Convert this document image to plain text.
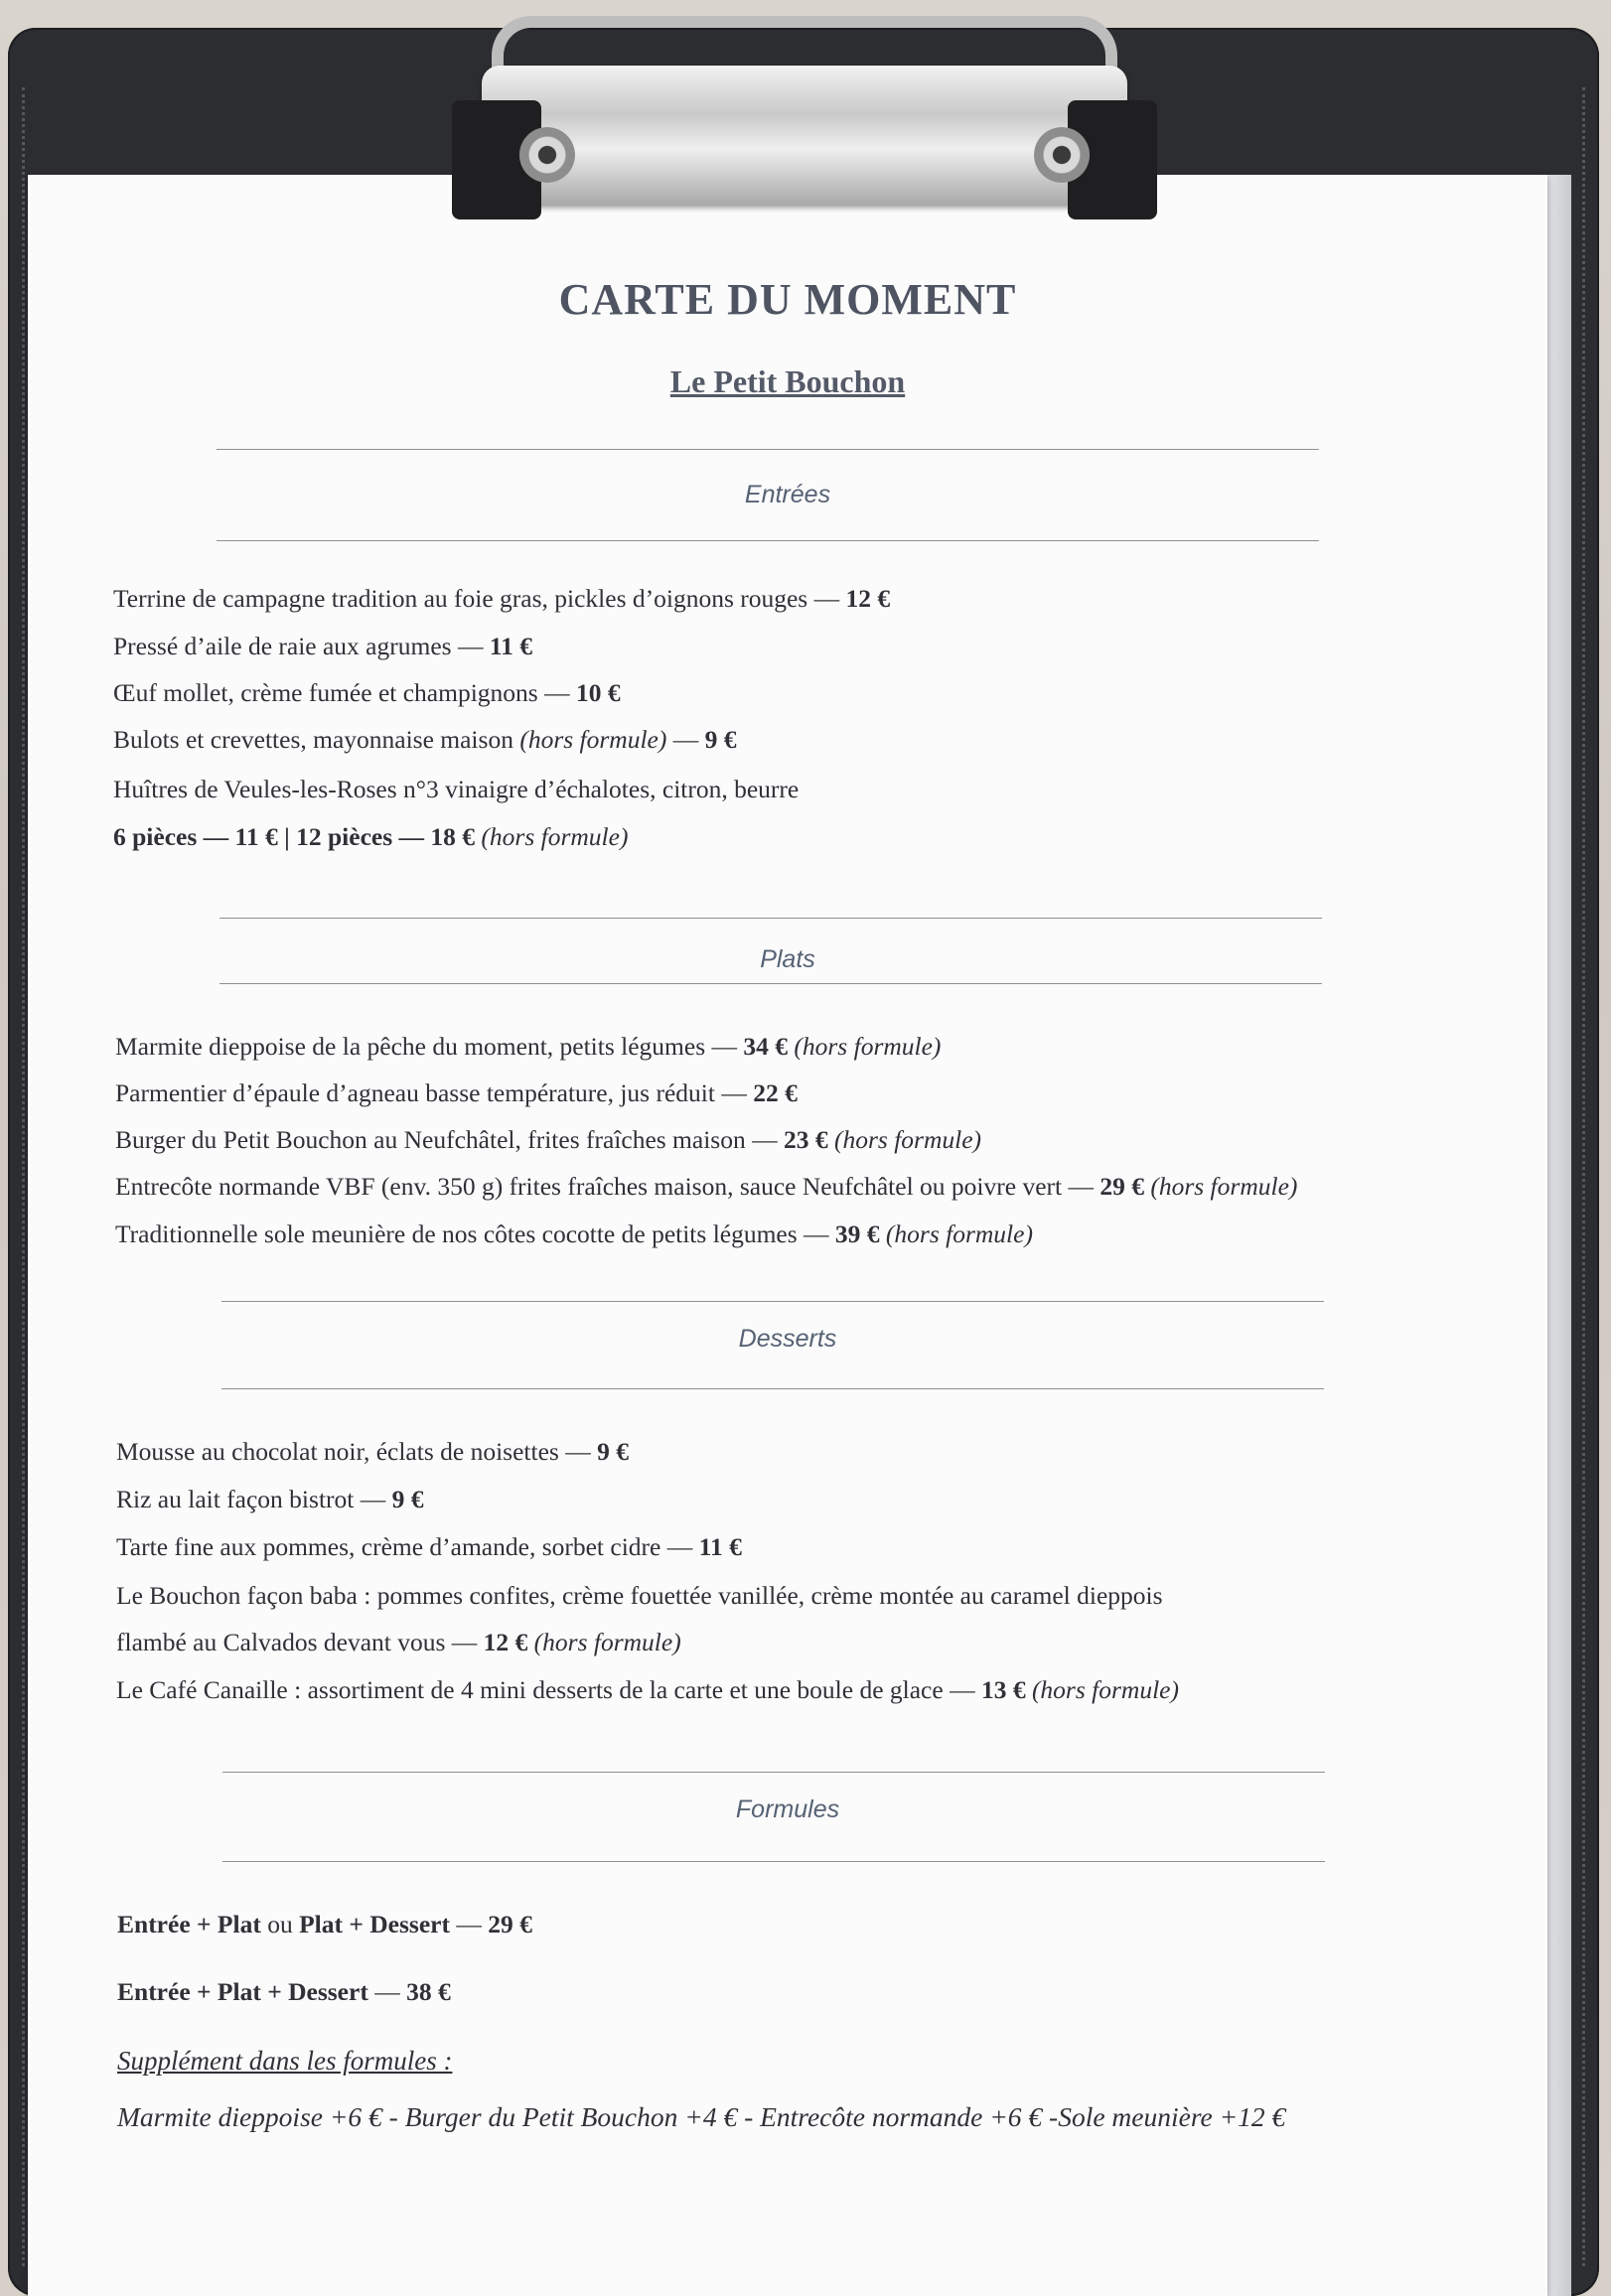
CARTE DU MOMENT
Le Petit Bouchon
Entrées
Terrine de campagne tradition au foie gras, pickles d’oignons rouges — 12 €
Pressé d’aile de raie aux agrumes — 11 €
Œuf mollet, crème fumée et champignons — 10 €
Bulots et crevettes, mayonnaise maison (hors formule) — 9 €
Huîtres de Veules-les-Roses n°3 vinaigre d’échalotes, citron, beurre
6 pièces — 11 € | 12 pièces — 18 € (hors formule)
Plats
Marmite dieppoise de la pêche du moment, petits légumes — 34 € (hors formule)
Parmentier d’épaule d’agneau basse température, jus réduit — 22 €
Burger du Petit Bouchon au Neufchâtel, frites fraîches maison — 23 € (hors formule)
Entrecôte normande VBF (env. 350 g) frites fraîches maison, sauce Neufchâtel ou poivre vert — 29 € (hors formule)
Traditionnelle sole meunière de nos côtes cocotte de petits légumes — 39 € (hors formule)
Desserts
Mousse au chocolat noir, éclats de noisettes — 9 €
Riz au lait façon bistrot — 9 €
Tarte fine aux pommes, crème d’amande, sorbet cidre — 11 €
Le Bouchon façon baba : pommes confites, crème fouettée vanillée, crème montée au caramel dieppois
flambé au Calvados devant vous — 12 € (hors formule)
Le Café Canaille : assortiment de 4 mini desserts de la carte et une boule de glace — 13 € (hors formule)
Formules
Entrée + Plat ou Plat + Dessert — 29 €
Entrée + Plat + Dessert — 38 €
Supplément dans les formules :
Marmite dieppoise +6 € - Burger du Petit Bouchon +4 € - Entrecôte normande +6 € -Sole meunière +12 €
